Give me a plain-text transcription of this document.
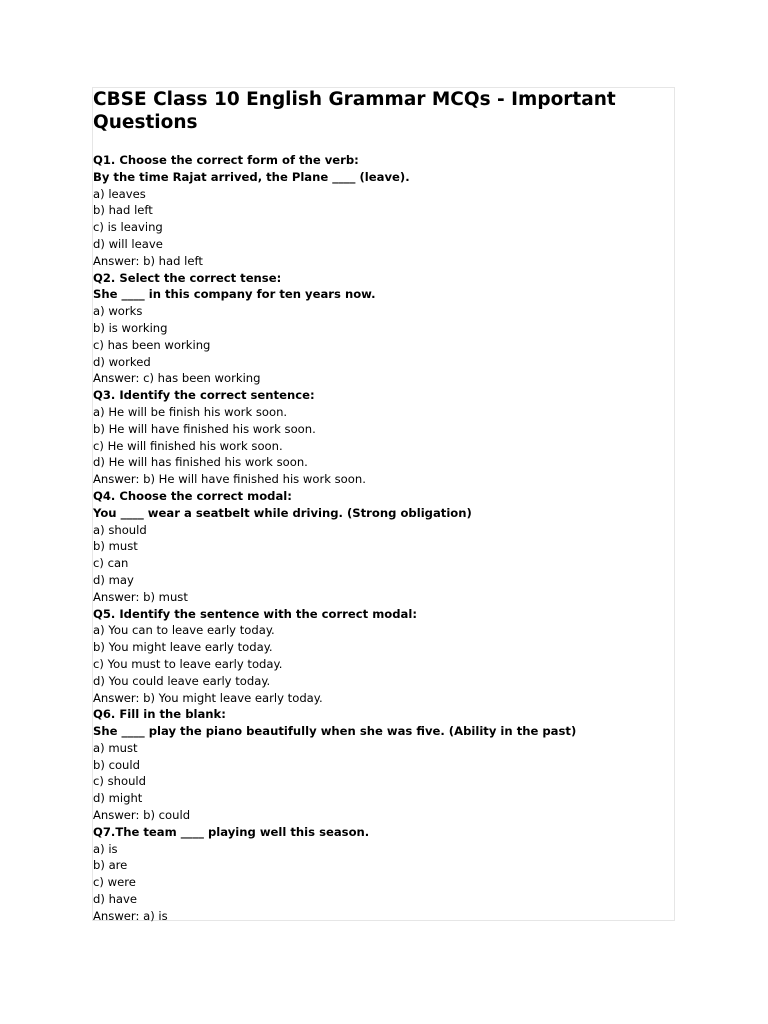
CBSE Class 10 English Grammar MCQs - Important Questions
Q1. Choose the correct form of the verb:
By the time Rajat arrived, the Plane ____ (leave).
a) leaves
b) had left
c) is leaving
d) will leave
Answer: b) had left
Q2. Select the correct tense:
She ____ in this company for ten years now.
a) works
b) is working
c) has been working
d) worked
Answer: c) has been working
Q3. Identify the correct sentence:
a) He will be finish his work soon.
b) He will have finished his work soon.
c) He will finished his work soon.
d) He will has finished his work soon.
Answer: b) He will have finished his work soon.
Q4. Choose the correct modal:
You ____ wear a seatbelt while driving. (Strong obligation)
a) should
b) must
c) can
d) may
Answer: b) must
Q5. Identify the sentence with the correct modal:
a) You can to leave early today.
b) You might leave early today.
c) You must to leave early today.
d) You could leave early today.
Answer: b) You might leave early today.
Q6. Fill in the blank:
She ____ play the piano beautifully when she was five. (Ability in the past)
a) must
b) could
c) should
d) might
Answer: b) could
Q7.The team ____ playing well this season.
a) is
b) are
c) were
d) have
Answer: a) is
